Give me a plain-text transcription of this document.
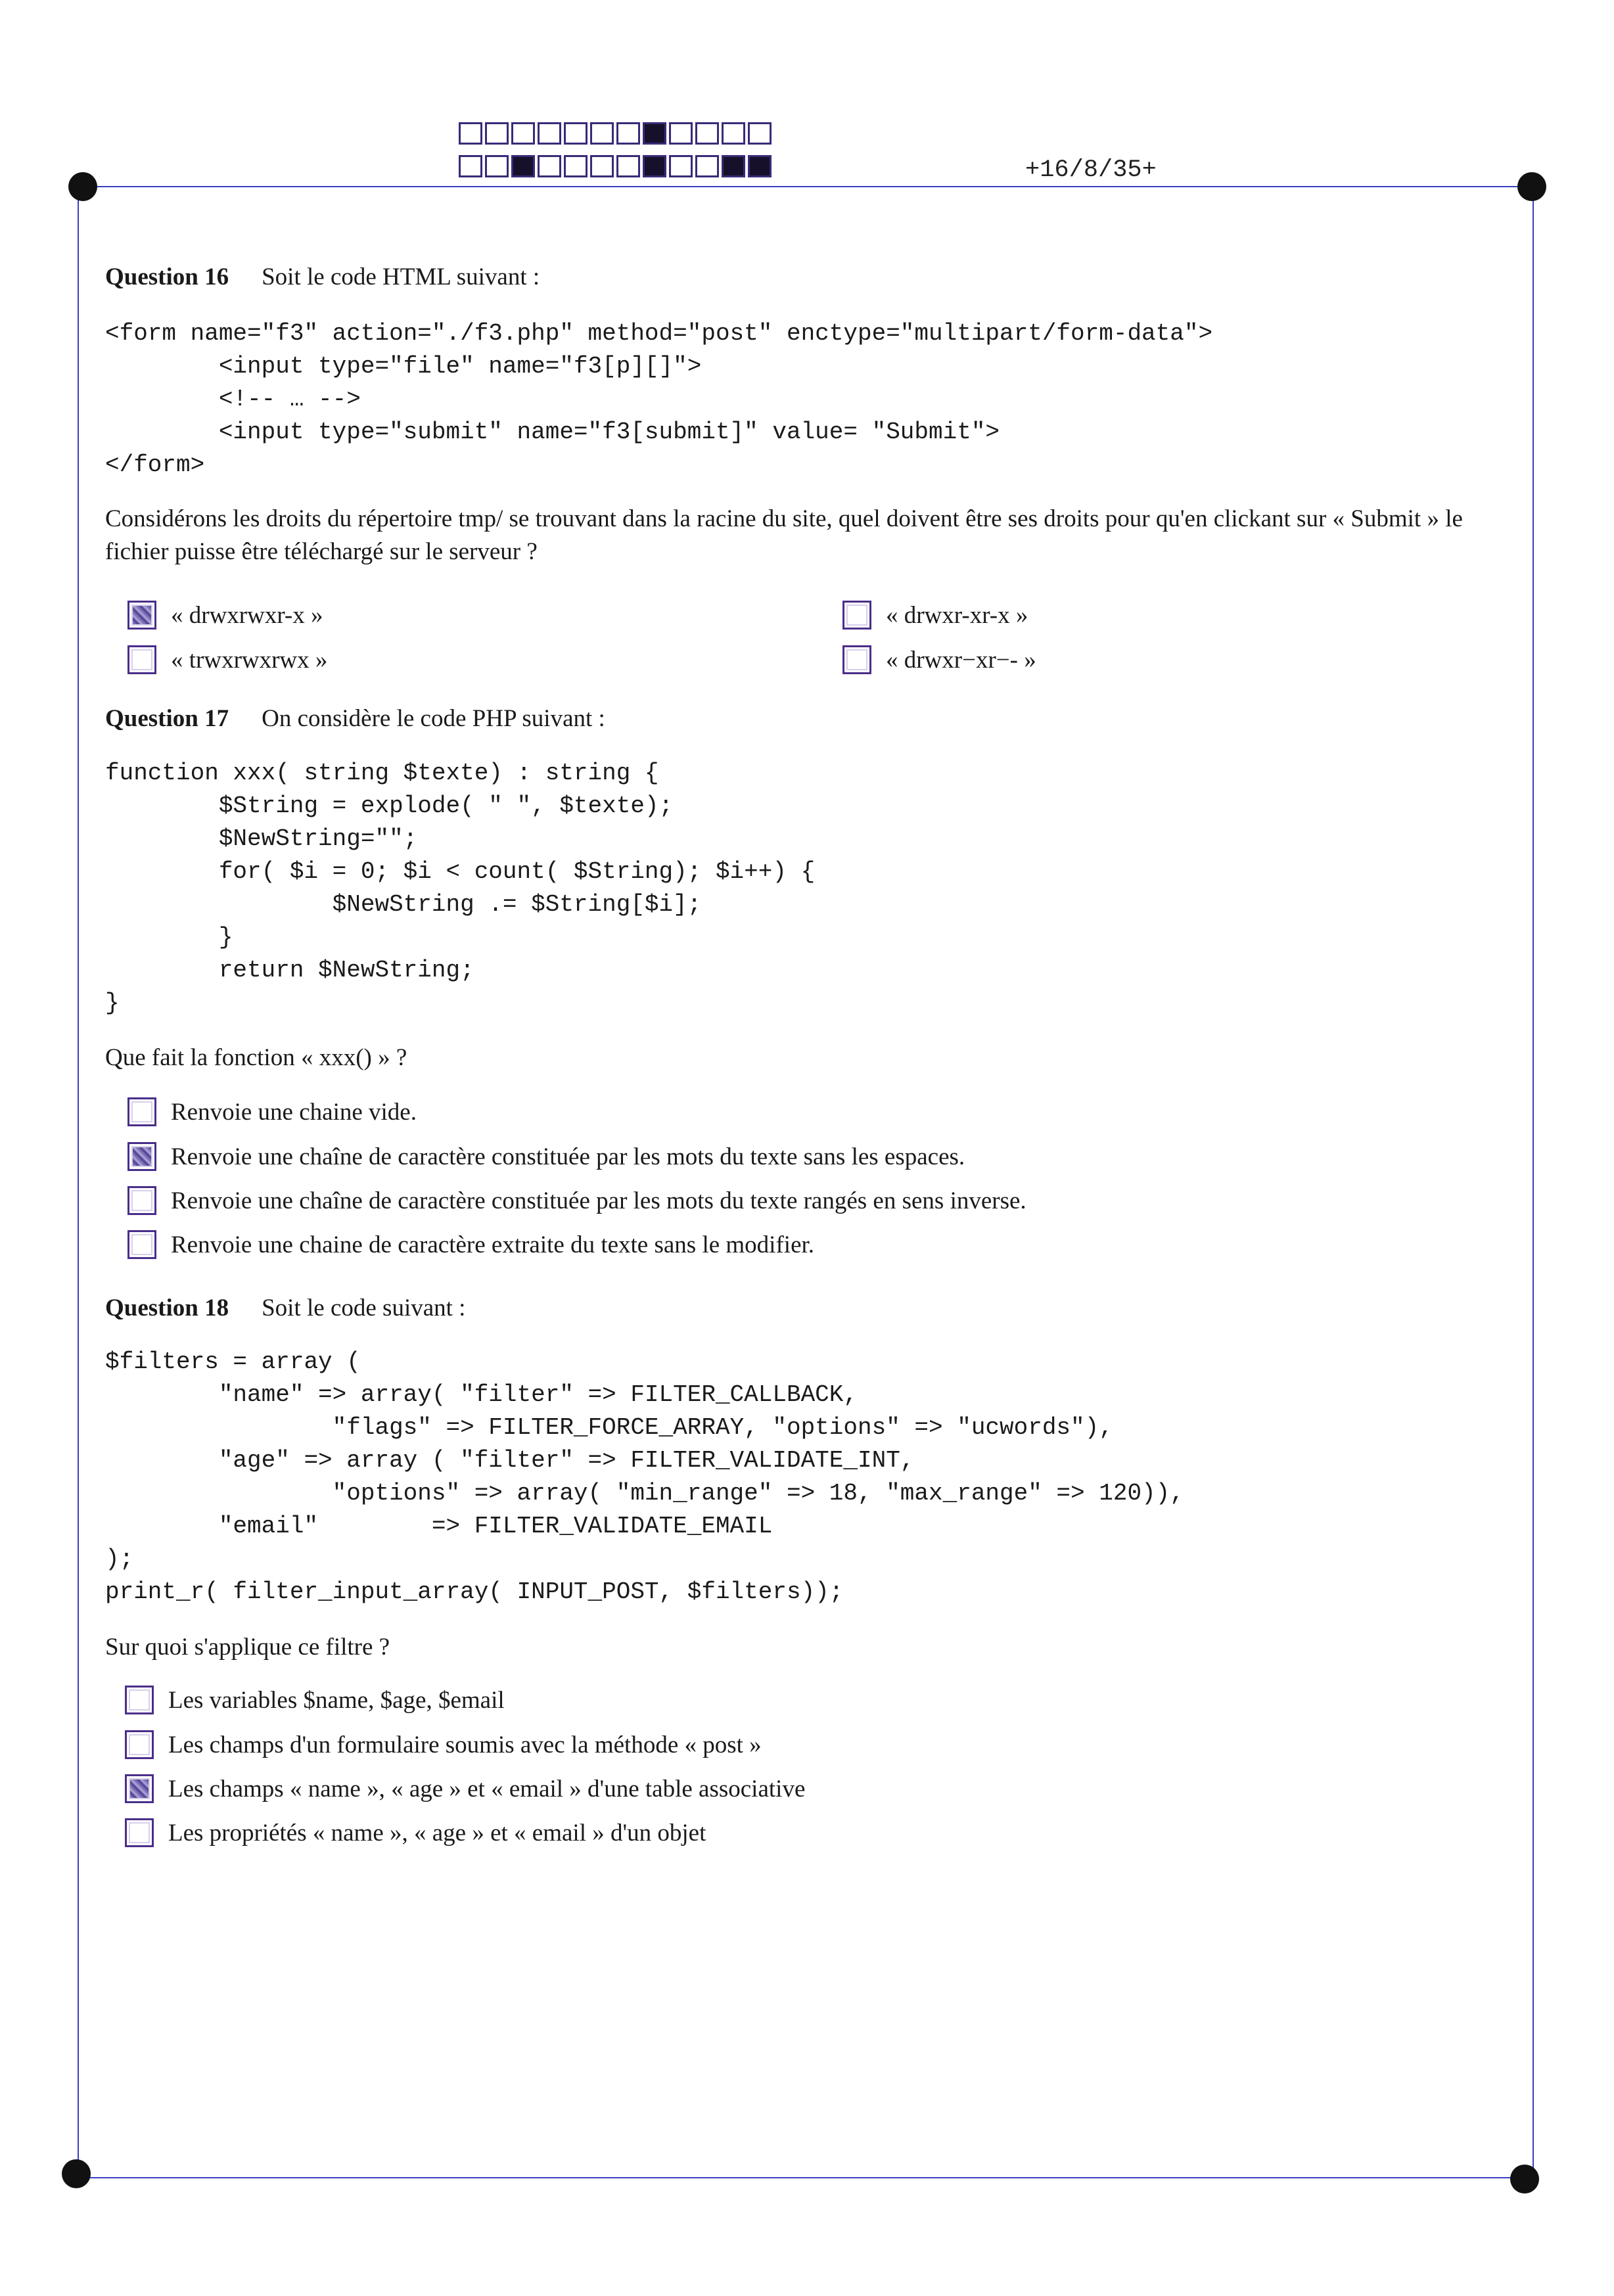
+16/8/35+
Question 16 Soit le code HTML suivant :
<form name="f3" action="./f3.php" method="post" enctype="multipart/form-data">
<input type="file" name="f3[p][]">
<!-- … -->
<input type="submit" name="f3[submit]" value= "Submit">
</form>
Considérons les droits du répertoire tmp/ se trouvant dans la racine du site, quel doivent être ses droits pour qu'en clickant sur « Submit » le fichier puisse être téléchargé sur le serveur ?
« drwxrwxr-x »	« drwxr-xr-x »
« trwxrwxrwx »	« drwxr−xr−- »
Question 17 On considère le code PHP suivant :
function xxx( string $texte) : string {
$String = explode( " ", $texte);
$NewString="";
for( $i = 0; $i < count( $String); $i++) {
$NewString .= $String[$i];
}
return $NewString;
}
Que fait la fonction « xxx() » ?
Renvoie une chaine vide.
Renvoie une chaîne de caractère constituée par les mots du texte sans les espaces.
Renvoie une chaîne de caractère constituée par les mots du texte rangés en sens inverse.
Renvoie une chaine de caractère extraite du texte sans le modifier.
Question 18 Soit le code suivant :
$filters = array (
"name" => array( "filter" => FILTER_CALLBACK,
"flags" => FILTER_FORCE_ARRAY, "options" => "ucwords"),
"age" => array ( "filter" => FILTER_VALIDATE_INT,
"options" => array( "min_range" => 18, "max_range" => 120)),
"email"        => FILTER_VALIDATE_EMAIL
);
print_r( filter_input_array( INPUT_POST, $filters));
Sur quoi s'applique ce filtre ?
Les variables $name, $age, $email
Les champs d'un formulaire soumis avec la méthode « post »
Les champs « name », « age » et « email » d'une table associative
Les propriétés « name », « age » et « email » d'un objet
